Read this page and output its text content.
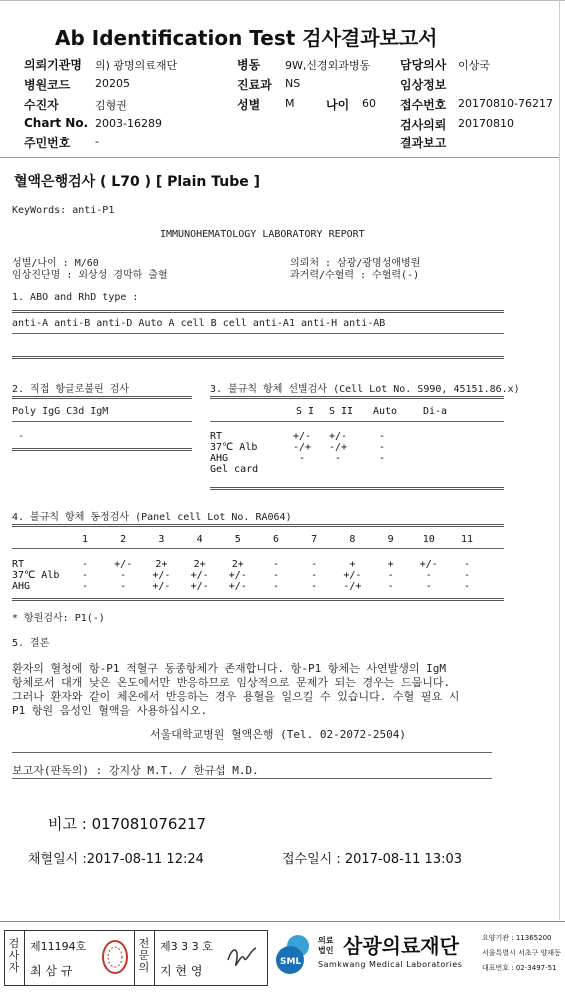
Ab Identification Test 검사결과보고서
의뢰기관명 의) 광명의료재단	병동 9W,신경외과병동 담당의사 이상국
병원코드 20205	진료과 NS	임상정보
수진자	김형권	성별 M	나이 60 접수번호 20170810-76217
Chart No. 2003-16289	검사의뢰 20170810
주민번호 -	결과보고
혈액은행검사 ( L70 ) [ Plain Tube ]
KeyWords: anti-P1
IMMUNOHEMATOLOGY LABORATORY REPORT
성별/나이 : M/60	의뢰처 : 삼광/광명성애병원
임상진단명 : 외상성 경막하 출혈	과거력/수혈력 : 수혈력(-)
1. ABO and RhD type :
anti-A anti-B anti-D Auto A cell B cell anti-A1 anti-H anti-AB
2. 직접 항글로불린 검사
Poly IgG C3d IgM
-
3. 불규칙 항체 선별검사 (Cell Lot No. S990, 45151.86.x)
S I	S II	Auto	Di-a
RT	+/-	+/-	-
37℃ Alb	-/+	-/+	-
AHG	-	-	-
Gel card
4. 불규칙 항체 동정검사 (Panel cell Lot No. RA064)
1	2	3	4	5	6	7	8	9	10	11
RT	-	+/-	2+	2+	2+	-	-	+	+	+/-	-
37℃ Alb	-	-	+/-	+/-	+/-	-	-	+/-	-	-	-
AHG	-	-	+/-	+/-	+/-	-	-	-/+	-	-	-
* 항원검사: P1(-)
5. 결론
환자의 혈청에 항-P1 적혈구 동종항체가 존재합니다. 항-P1 항체는 사연발생의 IgM
항체로서 대개 낮은 온도에서만 반응하므로 임상적으로 문제가 되는 경우는 드뭅니다.
그러나 환자와 같이 체온에서 반응하는 경우 용혈을 일으킬 수 있습니다. 수혈 필요 시
P1 항원 음성인 혈액을 사용하십시오.
서울대학교병원 혈액은행 (Tel. 02-2072-2504)
보고자(판독의) : 강지상 M.T. / 한규섭 M.D.
비고 : 017081076217
채혈일시 :2017-08-11 12:24	접수일시 : 2017-08-11 13:03
검
사
자
제11194호
최 삼 규
전
문
의
제3 3 3 호
지 현 영
SML
의료
법인 삼광의료재단
Samkwang Medical Laboratories
요양기관 : 11365200
서울특별시 서초구 양재동
대표번호 : 02-3497-51
